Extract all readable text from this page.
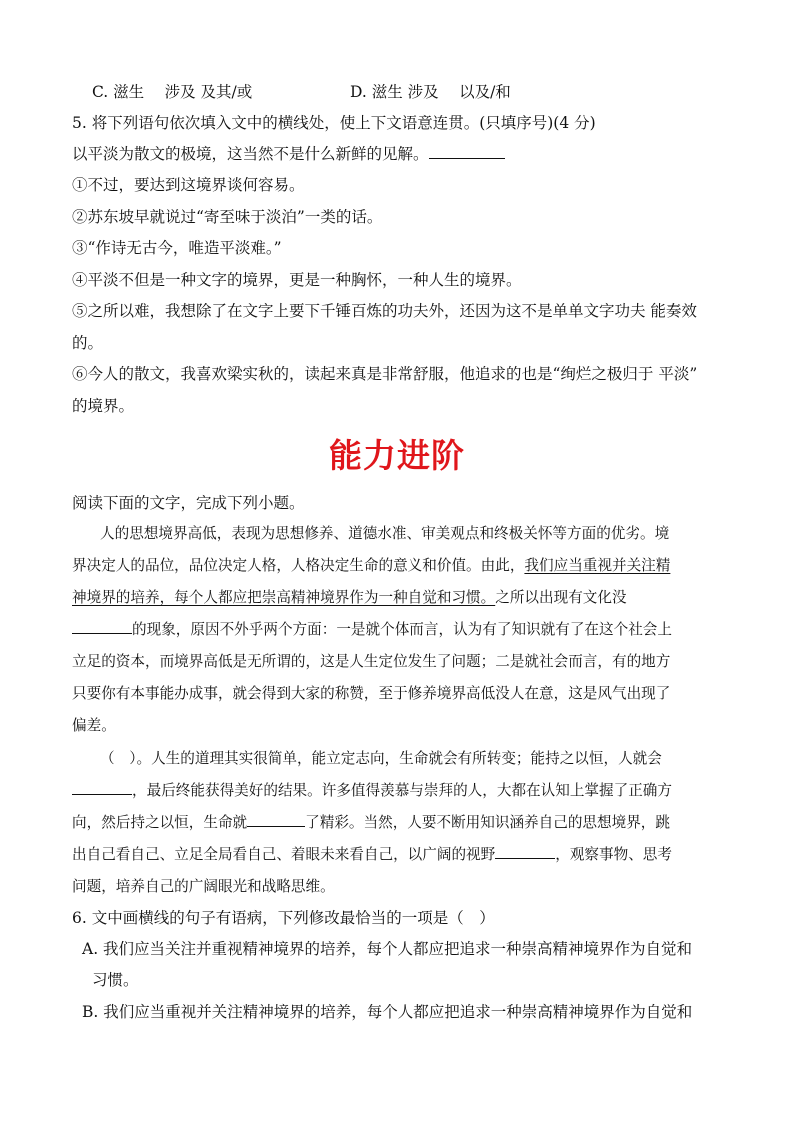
C. 滋生　 涉及 及其/或	D. 滋生 涉及　 以及/和
5. 将下列语句依次填入文中的横线处，使上下文语意连贯。(只填序号)(4 分)
以平淡为散文的极境，这当然不是什么新鲜的见解。
①不过，要达到这境界谈何容易。
②苏东坡早就说过“寄至味于淡泊”一类的话。
③“作诗无古今，唯造平淡难。”
④平淡不但是一种文字的境界，更是一种胸怀，一种人生的境界。
⑤之所以难，我想除了在文字上要下千锤百炼的功夫外，还因为这不是单单文字功夫 能奏效
的。
⑥今人的散文，我喜欢梁实秋的，读起来真是非常舒服，他追求的也是“绚烂之极归于 平淡”
的境界。
能力进阶
阅读下面的文字，完成下列小题。
人的思想境界高低，表现为思想修养、道德水准、审美观点和终极关怀等方面的优劣。境
界决定人的品位，品位决定人格，人格决定生命的意义和价值。由此，我们应当重视并关注精
神境界的培养，每个人都应把崇高精神境界作为一种自觉和习惯。之所以出现有文化没
的现象，原因不外乎两个方面：一是就个体而言，认为有了知识就有了在这个社会上
立足的资本，而境界高低是无所谓的，这是人生定位发生了问题；二是就社会而言，有的地方
只要你有本事能办成事，就会得到大家的称赞，至于修养境界高低没人在意，这是风气出现了
偏差。
（　）。人生的道理其实很简单，能立定志向，生命就会有所转变；能持之以恒，人就会
，最后终能获得美好的结果。许多值得羡慕与崇拜的人，大都在认知上掌握了正确方
向，然后持之以恒，生命就	了精彩。当然，人要不断用知识涵养自己的思想境界，跳
出自己看自己、立足全局看自己、着眼未来看自己，以广阔的视野	，观察事物、思考
问题，培养自己的广阔眼光和战略思维。
6. 文中画横线的句子有语病，下列修改最恰当的一项是（　）
A. 我们应当关注并重视精神境界的培养，每个人都应把追求一种崇高精神境界作为自觉和
习惯。
B. 我们应当重视并关注精神境界的培养，每个人都应把追求一种崇高精神境界作为自觉和
